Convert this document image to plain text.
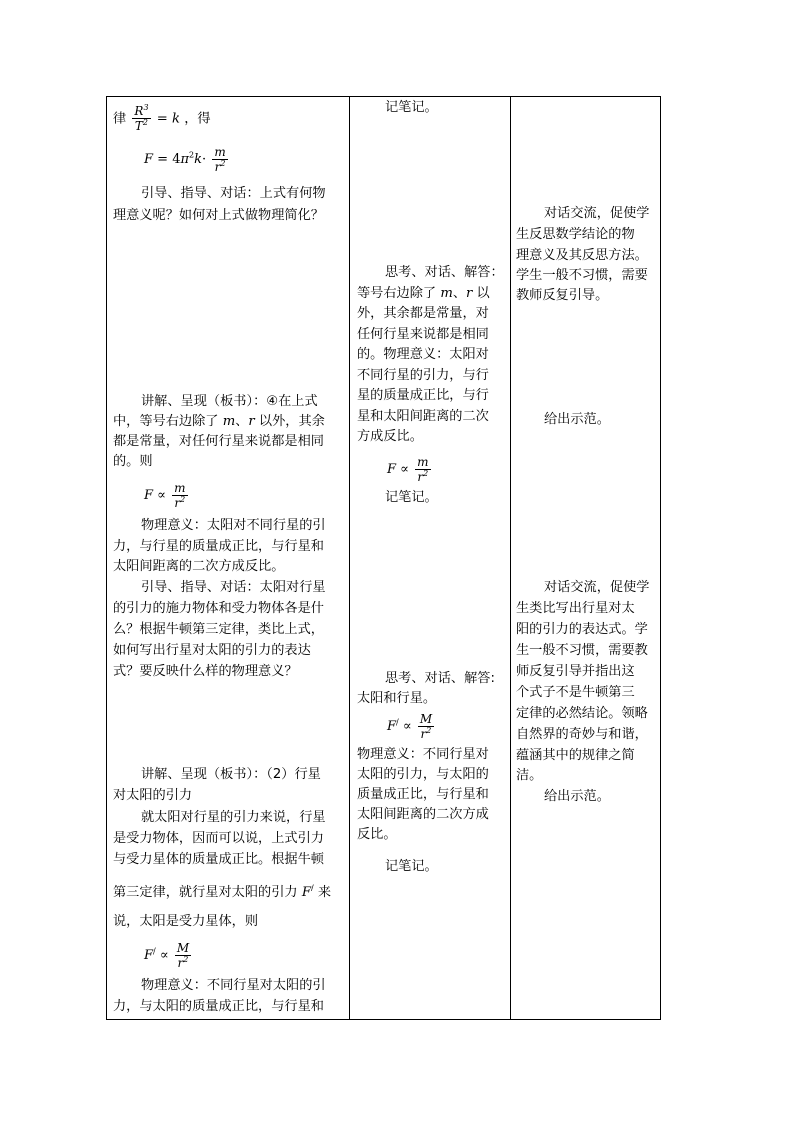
律 $\frac{R^3}{T^2} = k$ ，得
$F = 4\pi^2k\cdot \frac{m}{r^2}$
引导、指导、对话：上式有何物
理意义呢？如何对上式做物理简化？
讲解、呈现（板书）：④在上式
中，等号右边除了 m、r 以外，其余
都是常量，对任何行星来说都是相同
的。则
$F \propto \frac{m}{r^2}$
物理意义：太阳对不同行星的引
力，与行星的质量成正比，与行星和
太阳间距离的二次方成反比。
引导、指导、对话：太阳对行星
的引力的施力物体和受力物体各是什
么？根据牛顿第三定律，类比上式，
如何写出行星对太阳的引力的表达
式？要反映什么样的物理意义？
讲解、呈现（板书）：（2）行星
对太阳的引力
就太阳对行星的引力来说，行星
是受力物体，因而可以说，上式引力
与受力星体的质量成正比。根据牛顿
第三定律，就行星对太阳的引力 F/ 来
说，太阳是受力星体，则
$F^/ \propto \frac{M}{r^2}$
物理意义：不同行星对太阳的引
力，与太阳的质量成正比，与行星和
记笔记。
思考、对话、解答：
等号右边除了 m、r 以
外，其余都是常量，对
任何行星来说都是相同
的。物理意义：太阳对
不同行星的引力，与行
星的质量成正比，与行
星和太阳间距离的二次
方成反比。
$F \propto \frac{m}{r^2}$
记笔记。
思考、对话、解答:
太阳和行星。
$F^/ \propto \frac{M}{r^2}$
物理意义：不同行星对
太阳的引力，与太阳的
质量成正比，与行星和
太阳间距离的二次方成
反比。
记笔记。
对话交流，促使学
生反思数学结论的物
理意义及其反思方法。
学生一般不习惯，需要
教师反复引导。
给出示范。
对话交流，促使学
生类比写出行星对太
阳的引力的表达式。学
生一般不习惯，需要教
师反复引导并指出这
个式子不是牛顿第三
定律的必然结论。领略
自然界的奇妙与和谐，
蕴涵其中的规律之简
洁。
给出示范。
